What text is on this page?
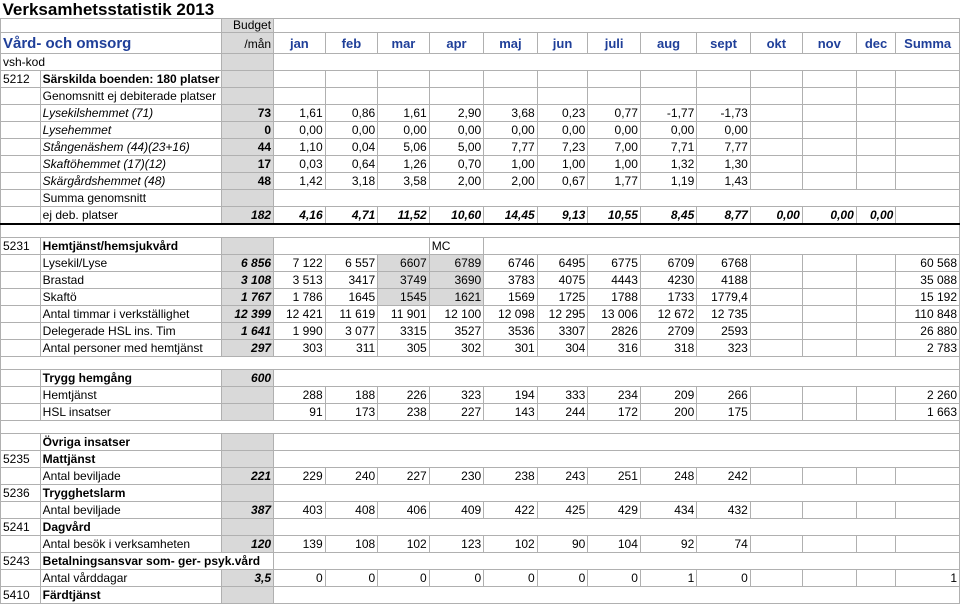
Verksamhetsstatistik 2013															
		Budget													
Vård- och omsorg		/mån	jan	feb	mar	apr	maj	jun	juli	aug	sept	okt	nov	dec	Summa
vsh-kod															
5212	Särskilda boenden: 180 platser														
	Genomsnitt ej debiterade platser														
	Lysekilshemmet (71)	73	1,61	0,86	1,61	2,90	3,68	0,23	0,77	-1,77	-1,73				
	Lysehemmet	0	0,00	0,00	0,00	0,00	0,00	0,00	0,00	0,00	0,00				
	Stångenäshem (44)(23+16)	44	1,10	0,04	5,06	5,00	7,77	7,23	7,00	7,71	7,77				
	Skaftöhemmet (17)(12)	17	0,03	0,64	1,26	0,70	1,00	1,00	1,00	1,32	1,30				
	Skärgårdshemmet (48)	48	1,42	3,18	3,58	2,00	2,00	0,67	1,77	1,19	1,43				
	Summa genomsnitt														
	ej deb. platser	182	4,16	4,71	11,52	10,60	14,45	9,13	10,55	8,45	8,77	0,00	0,00	0,00	

5231	Hemtjänst/hemsjukvård					MC									
	Lysekil/Lyse	6 856	7 122	6 557	6607	6789	6746	6495	6775	6709	6768				60 568
	Brastad	3 108	3 513	3417	3749	3690	3783	4075	4443	4230	4188				35 088
	Skaftö	1 767	1 786	1645	1545	1621	1569	1725	1788	1733	1779,4				15 192
	Antal timmar i verkställighet	12 399	12 421	11 619	11 901	12 100	12 098	12 295	13 006	12 672	12 735				110 848
	Delegerade HSL ins. Tim	1 641	1 990	3 077	3315	3527	3536	3307	2826	2709	2593				26 880
	Antal personer med hemtjänst	297	303	311	305	302	301	304	316	318	323				2 783

	Trygg hemgång	600													
	Hemtjänst		288	188	226	323	194	333	234	209	266				2 260
	HSL insatser		91	173	238	227	143	244	172	200	175				1 663

	Övriga insatser														
5235	Mattjänst														
	Antal beviljade	221	229	240	227	230	238	243	251	248	242				
5236	Trygghetslarm														
	Antal beviljade	387	403	408	406	409	422	425	429	434	432				
5241	Dagvård														
	Antal besök i verksamheten	120	139	108	102	123	102	90	104	92	74				
5243	Betalningsansvar som- ger- psyk.vård														
	Antal vårddagar	3,5	0	0	0	0	0	0	0	1	0				1
5410	Färdtjänst														
